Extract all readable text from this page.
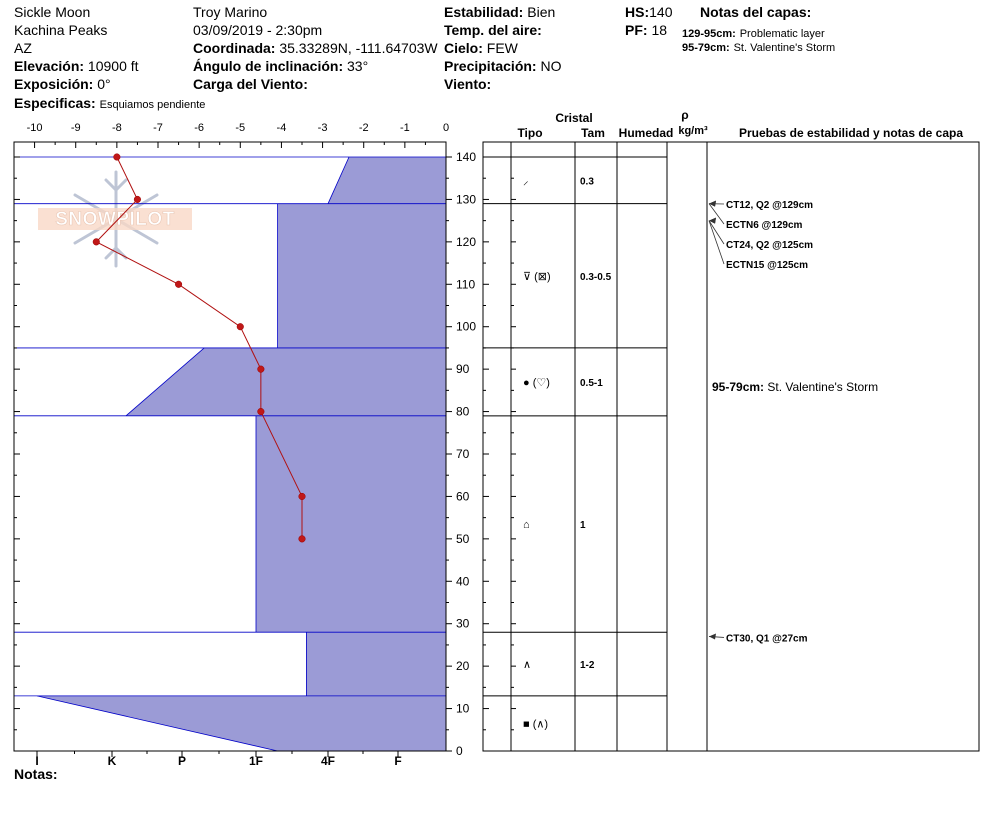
Sickle Moon
Kachina Peaks
AZ
Elevación: 10900 ft
Exposición: 0°
Especificas: Esquiamos pendiente
Troy Marino
03/09/2019 - 2:30pm
Coordinada: 35.33289N, -111.64703W
Ángulo de inclinación: 33°
Carga del Viento:
Estabilidad: Bien
Temp. del aire:
Cielo: FEW
Precipitación: NO
Viento:
HS:140
PF: 18
Notas del capas:
129-95cm: Problematic layer
95-79cm: St. Valentine's Storm
Notas:
SNOWPILOT
-10	-9	-8	-7	-6	-5	-4	-3	-2	-1	0
0
10
20
30
40
50
60
70
80
90
100
110
120
130
140
I	K	P	1F	4F	F
Cristal
Tipo	Tam Humedad
ρ
kg/m³	Pruebas de estabilidad y notas de capa
⸝	0.3
⊽ (⊠)	0.3-0.5
● (♡)	0.5-1
⌂	1
∧	1-2
■ (∧)
CT12, Q2 @129cm
ECTN6 @129cm
CT24, Q2 @125cm
ECTN15 @125cm
CT30, Q1 @27cm
95-79cm: St. Valentine's Storm
